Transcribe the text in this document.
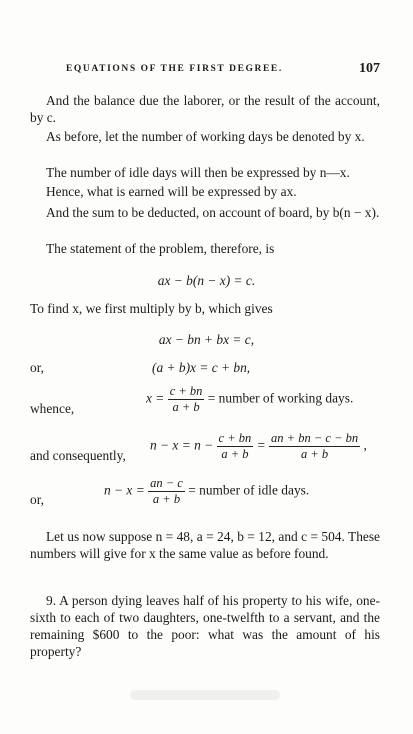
EQUATIONS OF THE FIRST DEGREE.	107
And the balance due the laborer, or the result of the account, by c.
As before, let the number of working days be denoted by x.
The number of idle days will then be expressed by n—x.
Hence, what is earned will be expressed by ax.
And the sum to be deducted, on account of board, by b(n − x).
The statement of the problem, therefore, is
ax − b(n − x) = c.
To find x, we first multiply by b, which gives
ax − bn + bx = c,
or,	(a + b)x = c + bn,
whence,
$x = \frac{c + bn}{a + b}$ = number of working days.
and consequently,
$n - x = n - \frac{c + bn}{a + b} = \frac{an + bn - c - bn}{a + b}$ ,
or,
$n - x = \frac{an - c}{a + b}$ = number of idle days.
Let us now suppose n = 48, a = 24, b = 12, and c = 504. These numbers will give for x the same value as before found.
9. A person dying leaves half of his property to his wife, one-sixth to each of two daughters, one-twelfth to a servant, and the remaining $600 to the poor: what was the amount of his property?
